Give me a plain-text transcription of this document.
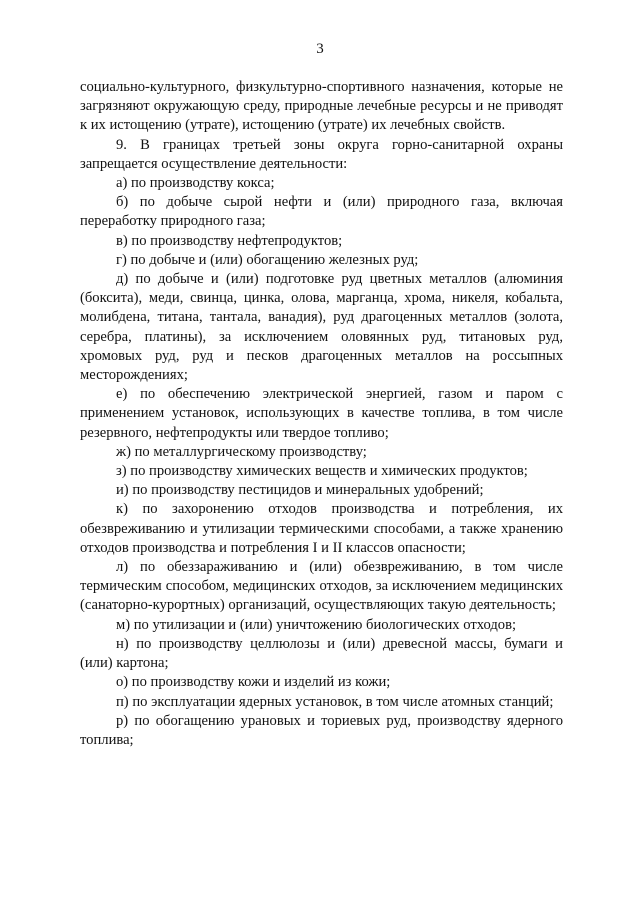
3

социально-культурного, физкультурно-спортивного назначения, которые не загрязняют окружающую среду, природные лечебные ресурсы и не приводят к их истощению (утрате), истощению (утрате) их лечебных свойств.

9. В границах третьей зоны округа горно-санитарной охраны запрещается осуществление деятельности:

а) по производству кокса;

б) по добыче сырой нефти и (или) природного газа, включая переработку природного газа;

в) по производству нефтепродуктов;

г) по добыче и (или) обогащению железных руд;

д) по добыче и (или) подготовке руд цветных металлов (алюминия (боксита), меди, свинца, цинка, олова, марганца, хрома, никеля, кобальта, молибдена, титана, тантала, ванадия), руд драгоценных металлов (золота, серебра, платины), за исключением оловянных руд, титановых руд, хромовых руд, руд и песков драгоценных металлов на россыпных месторождениях;

е) по обеспечению электрической энергией, газом и паром с применением установок, использующих в качестве топлива, в том числе резервного, нефтепродукты или твердое топливо;

ж) по металлургическому производству;

з) по производству химических веществ и химических продуктов;

и) по производству пестицидов и минеральных удобрений;

к) по захоронению отходов производства и потребления, их обезвреживанию и утилизации термическими способами, а также хранению отходов производства и потребления I и II классов опасности;

л) по обеззараживанию и (или) обезвреживанию, в том числе термическим способом, медицинских отходов, за исключением медицинских (санаторно-курортных) организаций, осуществляющих такую деятельность;

м) по утилизации и (или) уничтожению биологических отходов;

н) по производству целлюлозы и (или) древесной массы, бумаги и (или) картона;

о) по производству кожи и изделий из кожи;

п) по эксплуатации ядерных установок, в том числе атомных станций;

р) по обогащению урановых и ториевых руд, производству ядерного топлива;
